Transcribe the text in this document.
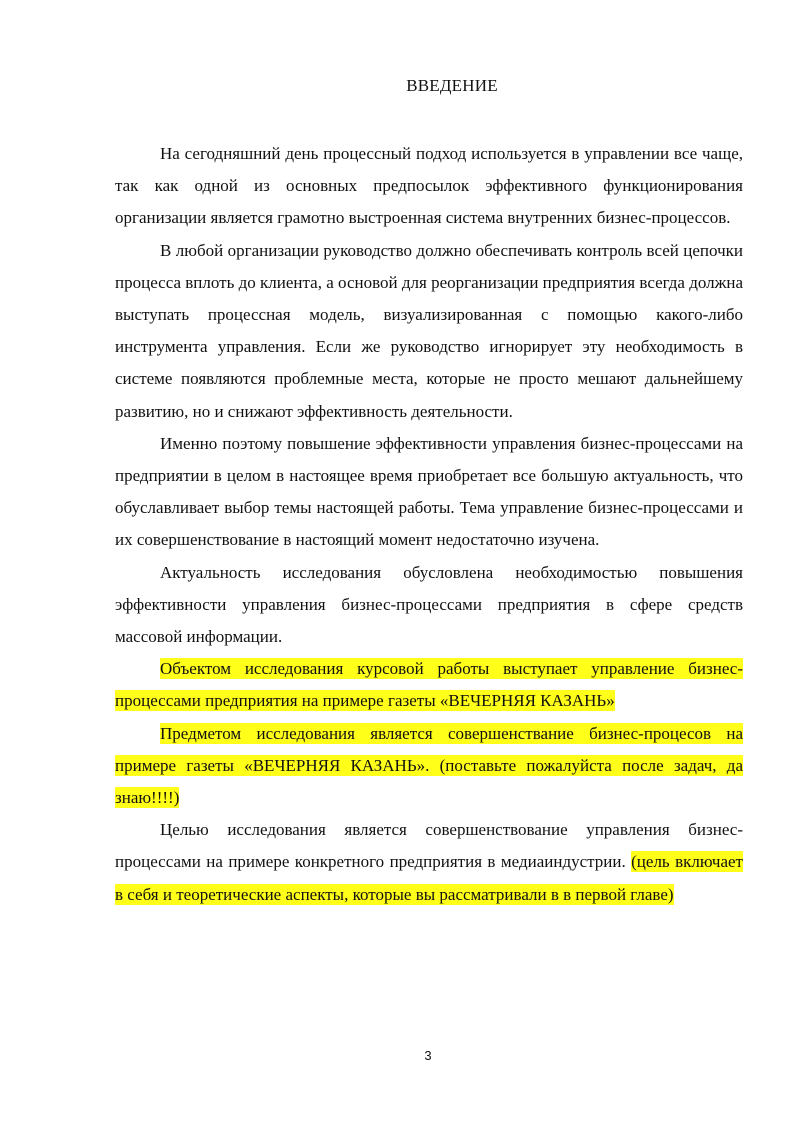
ВВЕДЕНИЕ

На сегодняшний день процессный подход используется в управлении все чаще, так как одной из основных предпосылок эффективного функционирования организации является грамотно выстроенная система внутренних бизнес-процессов.

В любой организации руководство должно обеспечивать контроль всей цепочки процесса вплоть до клиента, а основой для реорганизации предприятия всегда должна выступать процессная модель, визуализированная с помощью какого-либо инструмента управления. Если же руководство игнорирует эту необходимость в системе появляются проблемные места, которые не просто мешают дальнейшему развитию, но и снижают эффективность деятельности.

Именно поэтому повышение эффективности управления бизнес-процессами на предприятии в целом в настоящее время приобретает все большую актуальность, что обуславливает выбор темы настоящей работы. Тема управление бизнес-процессами и их совершенствование в настоящий момент недостаточно изучена.

Актуальность исследования обусловлена необходимостью повышения эффективности управления бизнес-процессами предприятия в сфере средств массовой информации.

Объектом исследования курсовой работы выступает управление бизнес-процессами предприятия на примере газеты «ВЕЧЕРНЯЯ КАЗАНЬ»

Предметом исследования является совершенствание бизнес-процесов на примере газеты «ВЕЧЕРНЯЯ КАЗАНЬ». (поставьте пожалуйста после задач, да знаю!!!!)

Целью исследования является совершенствование управления бизнес-процессами на примере конкретного предприятия в медиаиндустрии. (цель включает в себя и теоретические аспекты, которые вы рассматривали в в первой главе)

3
